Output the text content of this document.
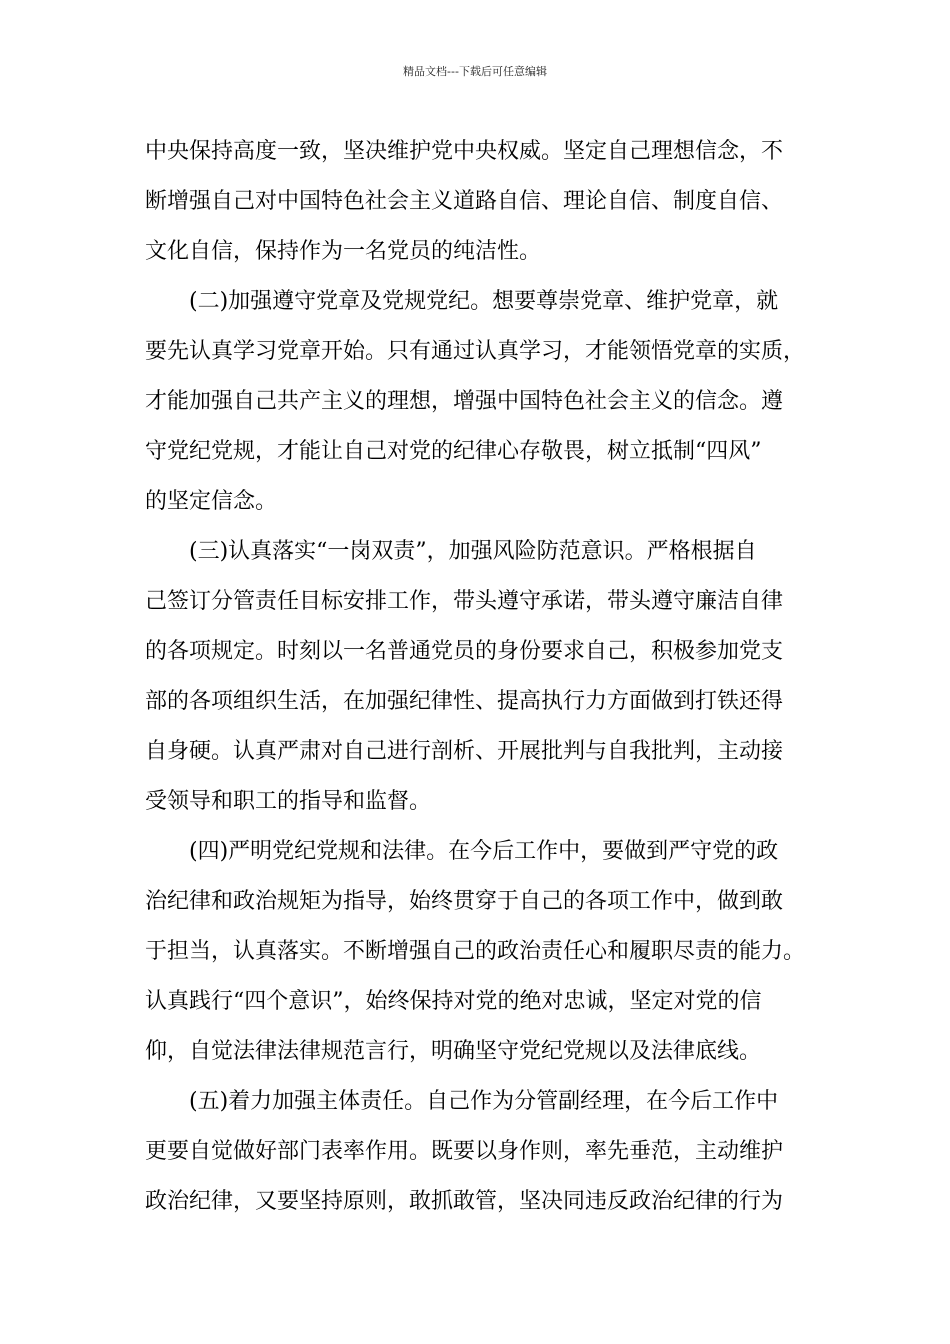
精品文档---下载后可任意编辑
中央保持高度一致，坚决维护党中央权威。坚定自己理想信念，不
断增强自己对中国特色社会主义道路自信、理论自信、制度自信、
文化自信，保持作为一名党员的纯洁性。
(二)加强遵守党章及党规党纪。想要尊崇党章、维护党章，就
要先认真学习党章开始。只有通过认真学习，才能领悟党章的实质，
才能加强自己共产主义的理想，增强中国特色社会主义的信念。遵
守党纪党规，才能让自己对党的纪律心存敬畏，树立抵制“四风”
的坚定信念。
(三)认真落实“一岗双责”，加强风险防范意识。严格根据自
己签订分管责任目标安排工作，带头遵守承诺，带头遵守廉洁自律
的各项规定。时刻以一名普通党员的身份要求自己，积极参加党支
部的各项组织生活，在加强纪律性、提高执行力方面做到打铁还得
自身硬。认真严肃对自己进行剖析、开展批判与自我批判，主动接
受领导和职工的指导和监督。
(四)严明党纪党规和法律。在今后工作中，要做到严守党的政
治纪律和政治规矩为指导，始终贯穿于自己的各项工作中，做到敢
于担当，认真落实。不断增强自己的政治责任心和履职尽责的能力。
认真践行“四个意识”，始终保持对党的绝对忠诚，坚定对党的信
仰，自觉法律法律规范言行，明确坚守党纪党规以及法律底线。
(五)着力加强主体责任。自己作为分管副经理，在今后工作中
更要自觉做好部门表率作用。既要以身作则，率先垂范，主动维护
政治纪律，又要坚持原则，敢抓敢管，坚决同违反政治纪律的行为
